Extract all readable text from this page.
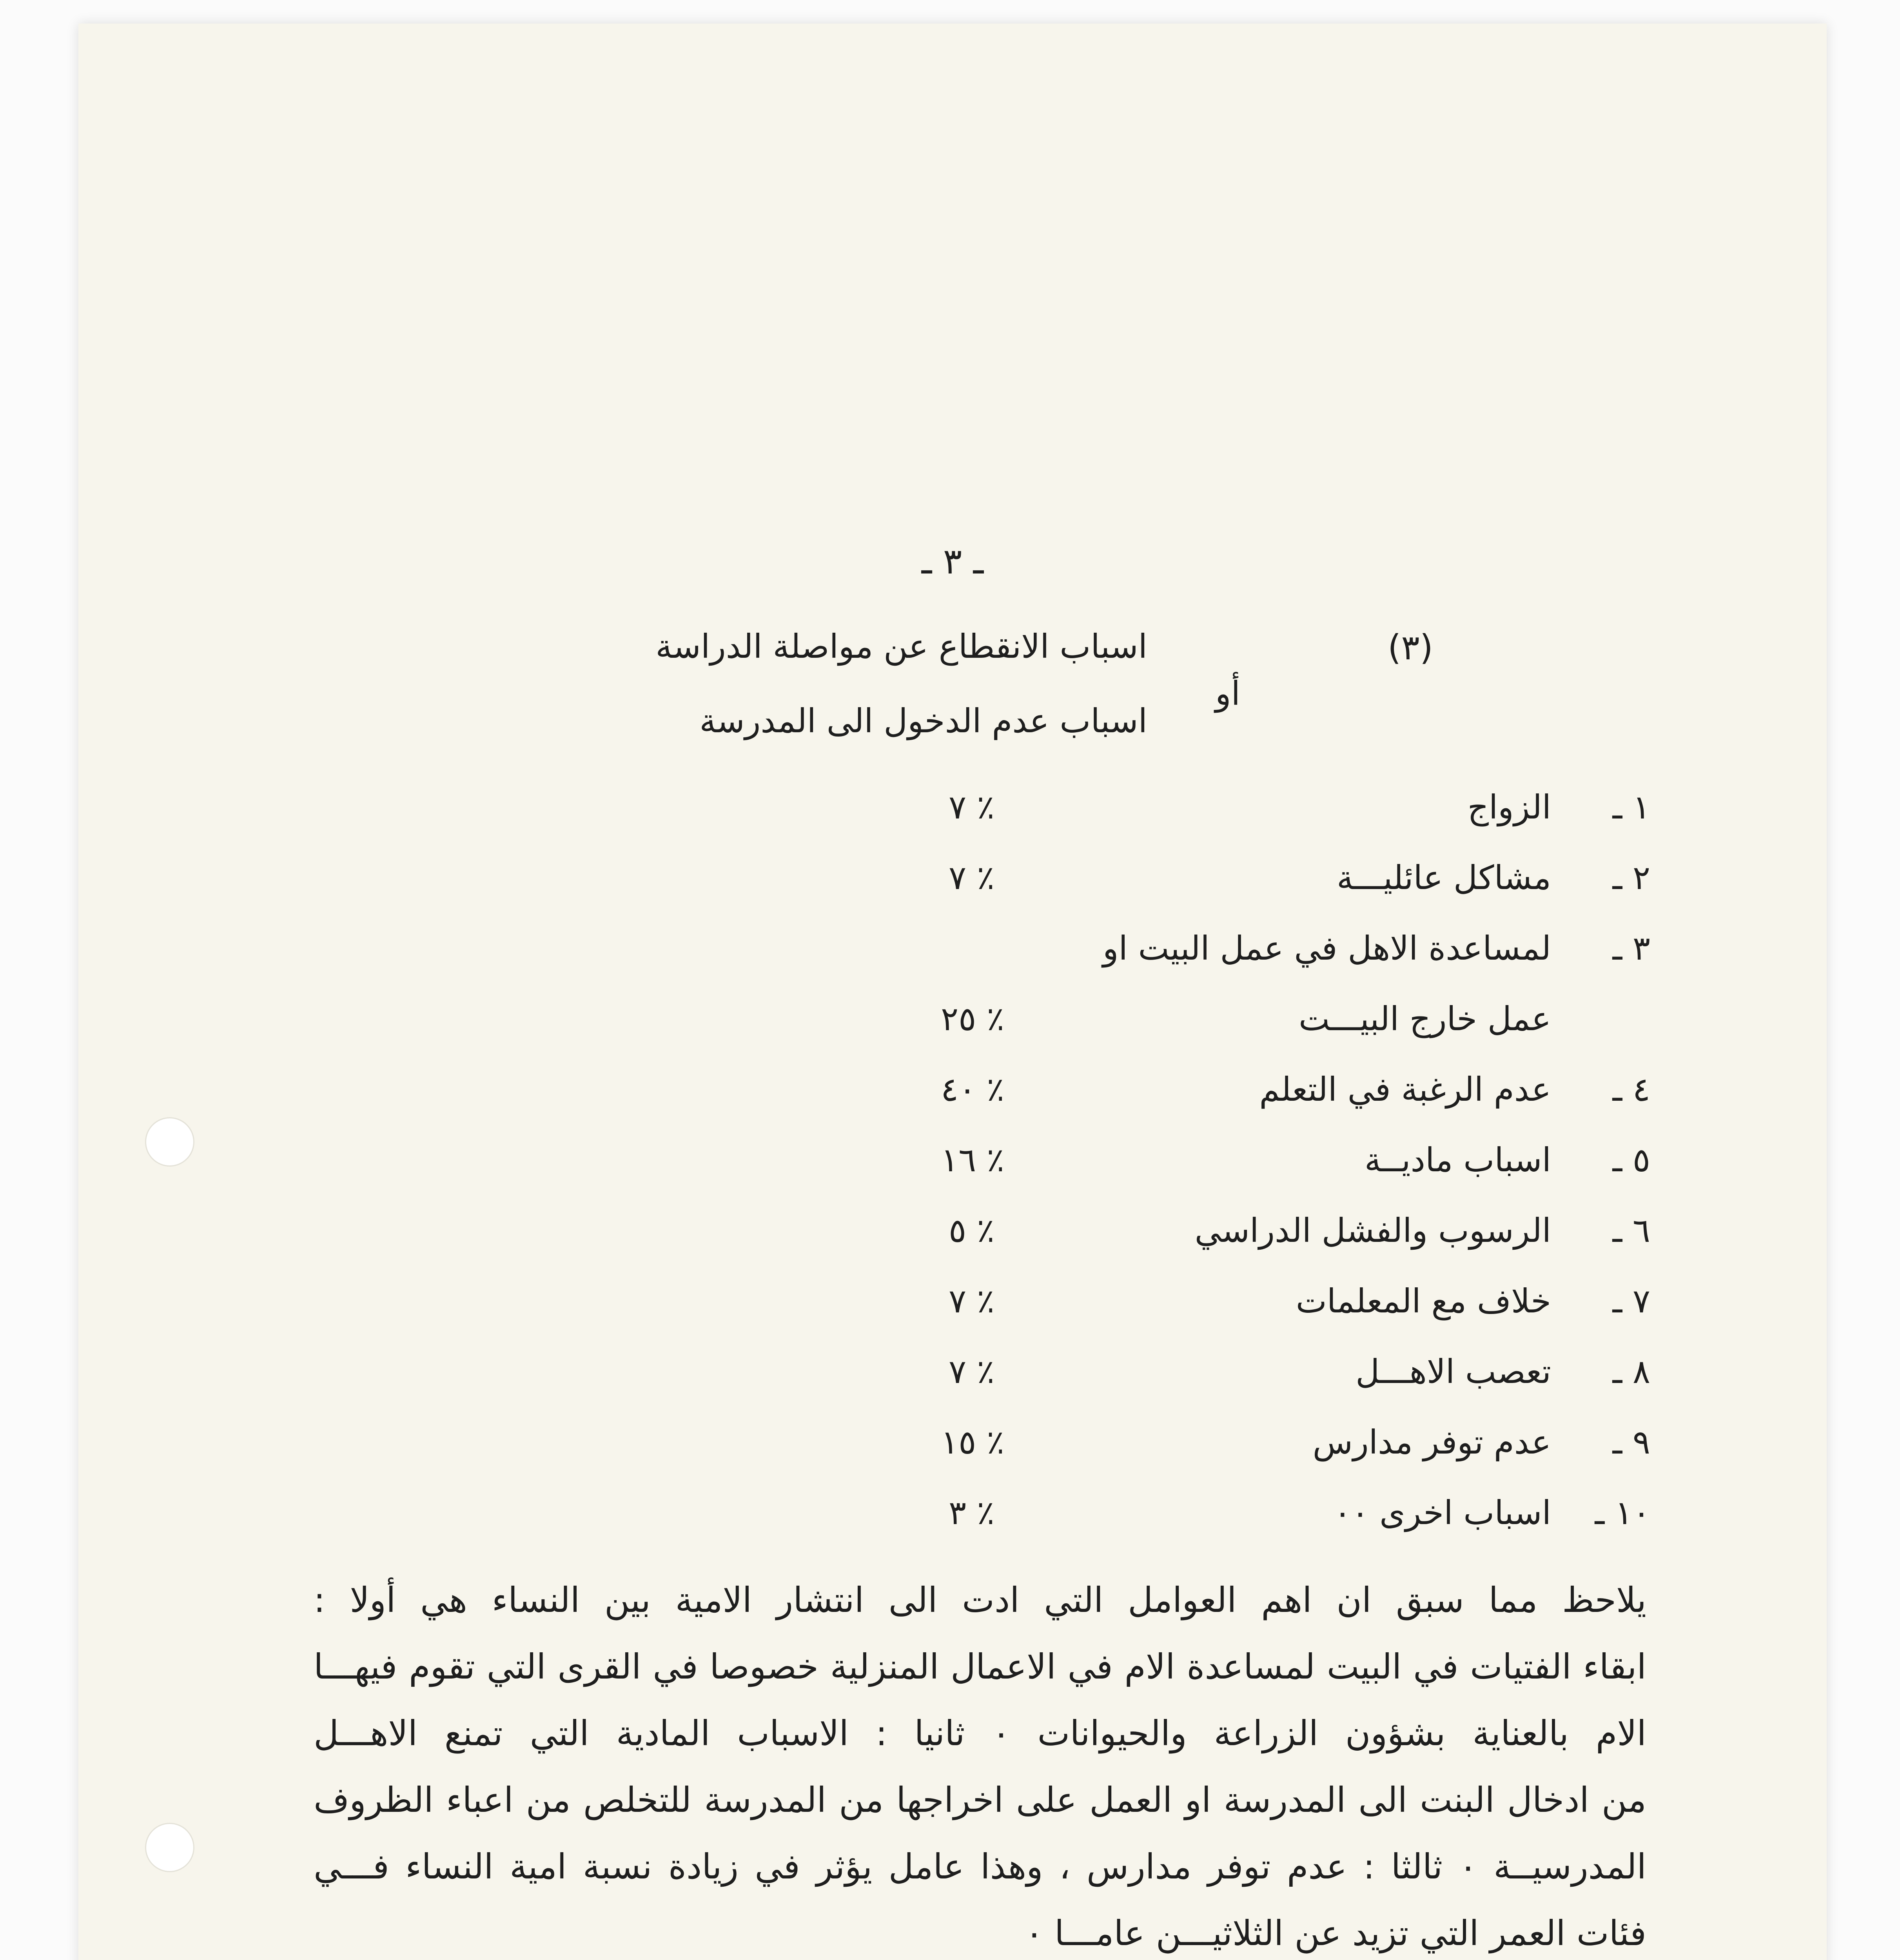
ـ ٣ ـ
(٣)
اسباب الانقطاع عن مواصلة الدراسة
أو
اسباب عدم الدخول الى المدرسة
١ ـ
الزواج
٧ ٪
٢ ـ
مشاكل عائليـــة
٧ ٪
٣ ـ
لمساعدة الاهل في عمل البيت او
عمل خارج البيـــت
٢٥ ٪
٤ ـ
عدم الرغبة في التعلم
٤٠ ٪
٥ ـ
اسباب ماديــة
١٦ ٪
٦ ـ
الرسوب والفشل الدراسي
٥ ٪
٧ ـ
خلاف مع المعلمات
٧ ٪
٨ ـ
تعصب الاهـــل
٧ ٪
٩ ـ
عدم توفر مدارس
١٥ ٪
١٠ ـ
اسباب اخرى ٠٠
٣ ٪
يلاحظ مما سبق ان اهم العوامل التي ادت الى انتشار الامية بين النساء هي أولا :
ابقاء الفتيات في البيت لمساعدة الام في الاعمال المنزلية خصوصا في القرى التي تقوم فيهـــا
الام بالعناية بشؤون الزراعة والحيوانات ٠ ثانيا : الاسباب المادية التي تمنع الاهـــل
من ادخال البنت الى المدرسة او العمل على اخراجها من المدرسة للتخلص من اعباء الظروف
المدرسيــة ٠ ثالثا : عدم توفر مدارس ، وهذا عامل يؤثر في زيادة نسبة امية النساء فـــي
فئات العمر التي تزيد عن الثلاثيـــن عامـــا ٠
